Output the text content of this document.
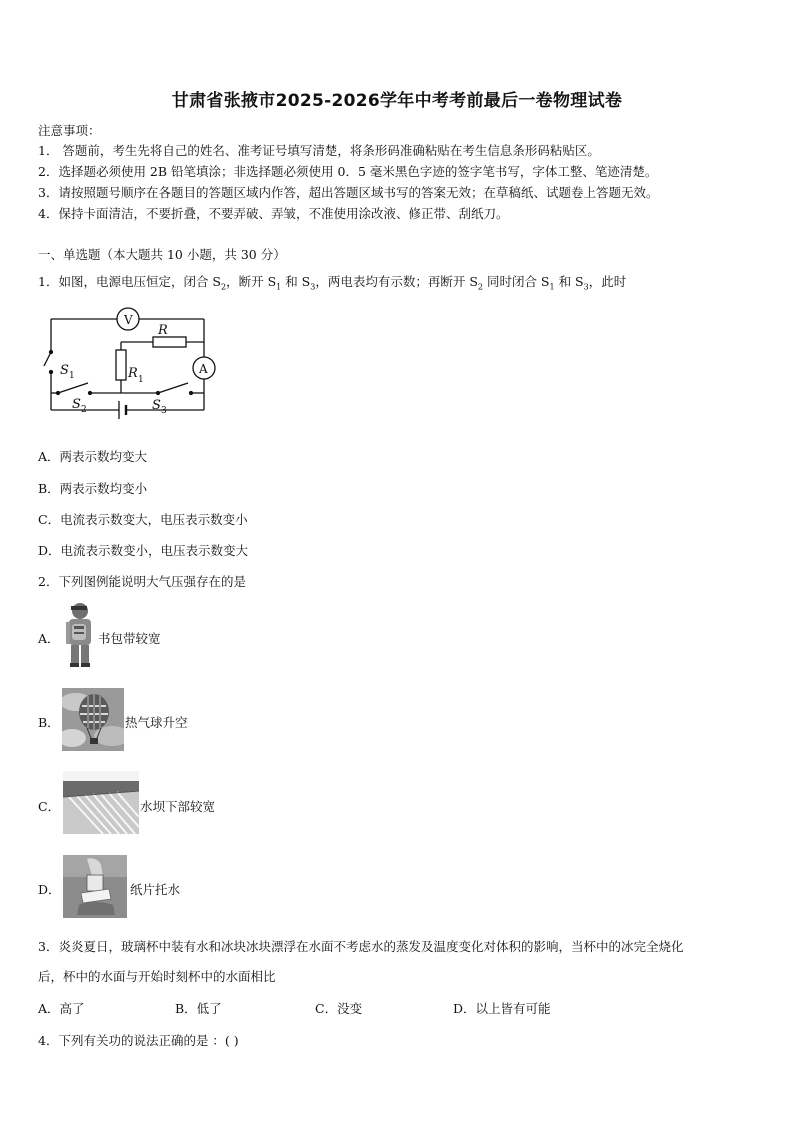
甘肃省张掖市2025-2026学年中考考前最后一卷物理试卷
注意事项：
1． 答题前，考生先将自己的姓名、准考证号填写清楚，将条形码准确粘贴在考生信息条形码粘贴区。
2．选择题必须使用 2B 铅笔填涂；非选择题必须使用 0．5 毫米黑色字迹的签字笔书写，字体工整、笔迹清楚。
3．请按照题号顺序在各题目的答题区域内作答，超出答题区域书写的答案无效；在草稿纸、试题卷上答题无效。
4．保持卡面清洁，不要折叠，不要弄破、弄皱，不准使用涂改液、修正带、刮纸刀。
一、单选题（本大题共 10 小题，共 30 分）
1．如图，电源电压恒定，闭合 $S_2$，断开 $S_1$ 和 $S_3$，两电表均有示数；再断开 $S_2$ 同时闭合 $S_1$ 和 $S_3$，此时
V
A
R
R 1
S 1
S 2	S 3
A．两表示数均变大
B．两表示数均变小
C．电流表示数变大，电压表示数变小
D．电流表示数变小，电压表示数变大
2．下列图例能说明大气压强存在的是
A．	书包带较宽
B．	热气球升空
C．	水坝下部较宽
D．	纸片托水
3．炎炎夏日，玻璃杯中装有水和冰块冰块漂浮在水面不考虑水的蒸发及温度变化对体积的影响，当杯中的冰完全烧化
后，杯中的水面与开始时刻杯中的水面相比
A．高了	B．低了	C．没变	D．以上皆有可能
4．下列有关功的说法正确的是 ：( )
